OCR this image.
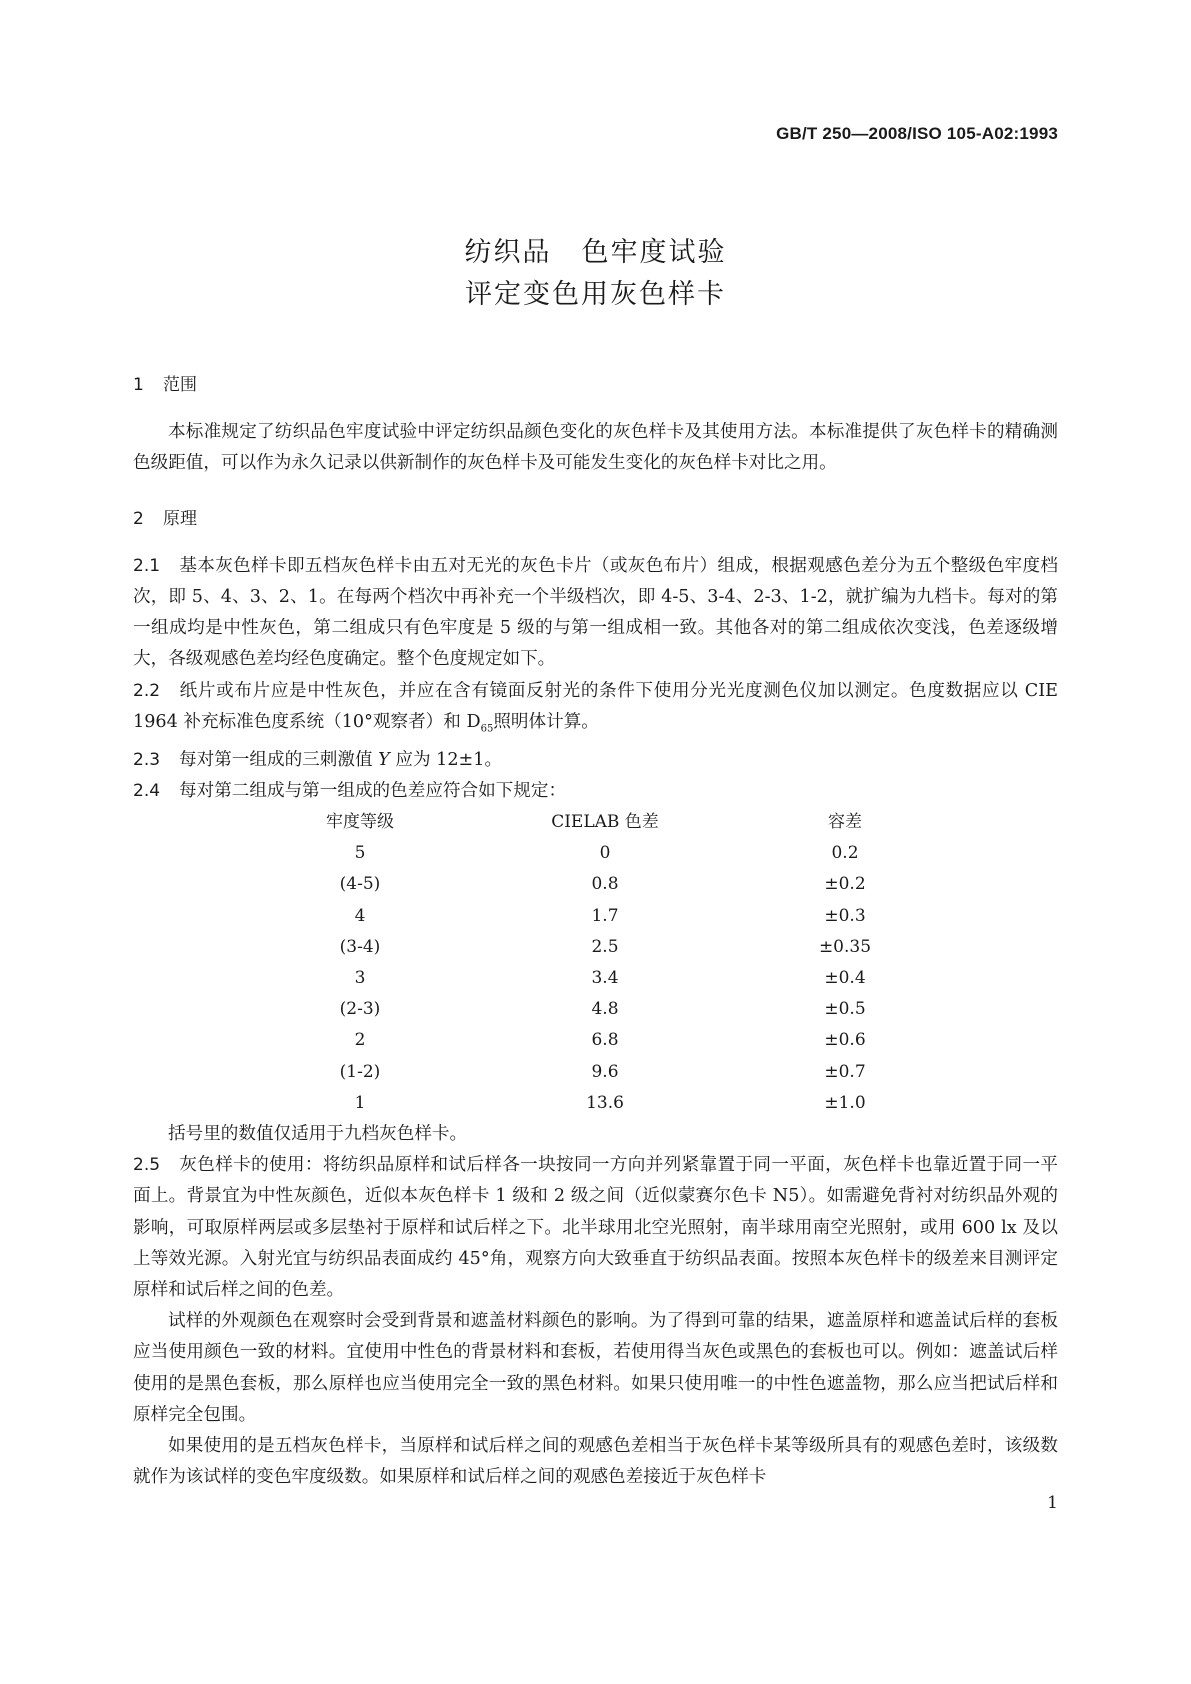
GB/T 250—2008/ISO 105-A02:1993
纺织品 色牢度试验
评定变色用灰色样卡
1 范围

本标准规定了纺织品色牢度试验中评定纺织品颜色变化的灰色样卡及其使用方法。本标准提供了灰色样卡的精确测色级距值，可以作为永久记录以供新制作的灰色样卡及可能发生变化的灰色样卡对比之用。

2 原理

2.1 基本灰色样卡即五档灰色样卡由五对无光的灰色卡片（或灰色布片）组成，根据观感色差分为五个整级色牢度档次，即 5、4、3、2、1。在每两个档次中再补充一个半级档次，即 4-5、3-4、2-3、1-2，就扩编为九档卡。每对的第一组成均是中性灰色，第二组成只有色牢度是 5 级的与第一组成相一致。其他各对的第二组成依次变浅，色差逐级增大，各级观感色差均经色度确定。整个色度规定如下。

2.2 纸片或布片应是中性灰色，并应在含有镜面反射光的条件下使用分光光度测色仪加以测定。色度数据应以 CIE 1964 补充标准色度系统（10°观察者）和 $D_{65}$照明体计算。

2.3 每对第一组成的三刺激值 Y 应为 12±1。

2.4 每对第二组成与第一组成的色差应符合如下规定：

	牢度等级	CIELAB 色差	容差	
	5	0	0.2	
	(4-5)	0.8	±0.2	
	4	1.7	±0.3	
	(3-4)	2.5	±0.35	
	3	3.4	±0.4	
	(2-3)	4.8	±0.5	
	2	6.8	±0.6	
	(1-2)	9.6	±0.7	
	1	13.6	±1.0	

括号里的数值仅适用于九档灰色样卡。

2.5 灰色样卡的使用：将纺织品原样和试后样各一块按同一方向并列紧靠置于同一平面，灰色样卡也靠近置于同一平面上。背景宜为中性灰颜色，近似本灰色样卡 1 级和 2 级之间（近似蒙赛尔色卡 N5）。如需避免背衬对纺织品外观的影响，可取原样两层或多层垫衬于原样和试后样之下。北半球用北空光照射，南半球用南空光照射，或用 600 lx 及以上等效光源。入射光宜与纺织品表面成约 45°角，观察方向大致垂直于纺织品表面。按照本灰色样卡的级差来目测评定原样和试后样之间的色差。

试样的外观颜色在观察时会受到背景和遮盖材料颜色的影响。为了得到可靠的结果，遮盖原样和遮盖试后样的套板应当使用颜色一致的材料。宜使用中性色的背景材料和套板，若使用得当灰色或黑色的套板也可以。例如：遮盖试后样使用的是黑色套板，那么原样也应当使用完全一致的黑色材料。如果只使用唯一的中性色遮盖物，那么应当把试后样和原样完全包围。

如果使用的是五档灰色样卡，当原样和试后样之间的观感色差相当于灰色样卡某等级所具有的观感色差时，该级数就作为该试样的变色牢度级数。如果原样和试后样之间的观感色差接近于灰色样卡

1
